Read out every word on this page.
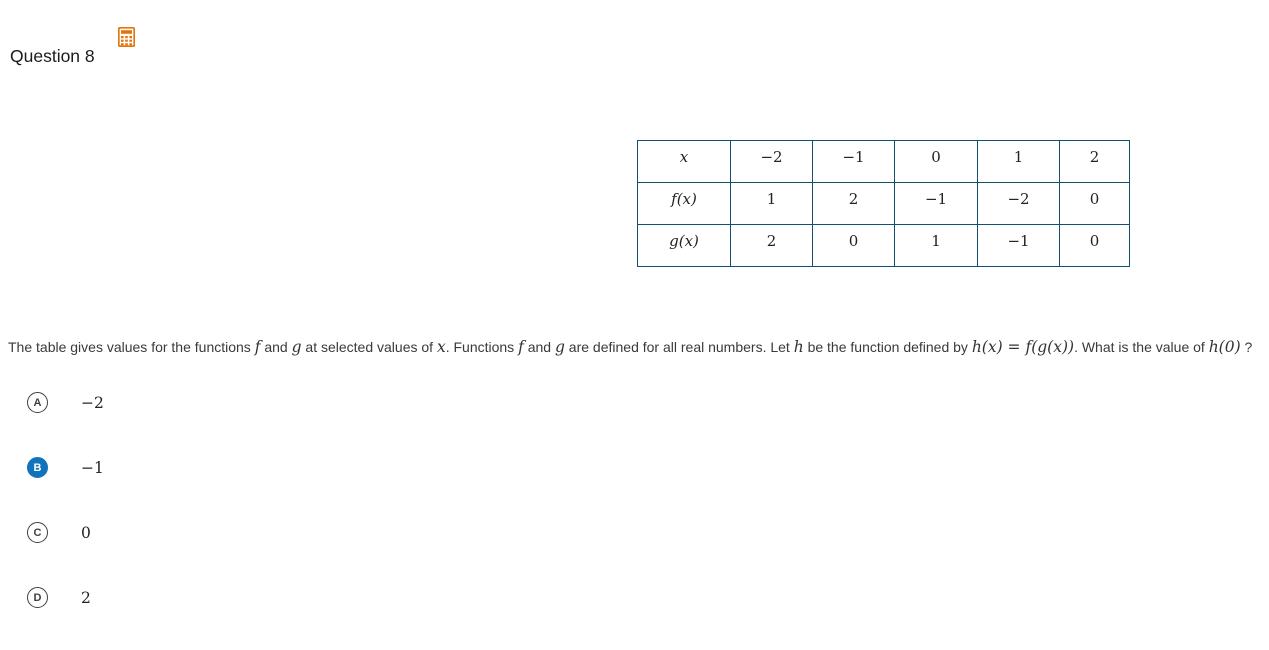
Question 8
x	−2	−1	0	1	2
f(x)	1	2	−1	−2	0
g(x)	2	0	1	−1	0

The table gives values for the functions f and g at selected values of x. Functions f and g are defined for all real numbers. Let h be the function defined by h(x) = f(g(x)). What is the value of h(0) ?

A	−2
B	−1
C	0
D	2
